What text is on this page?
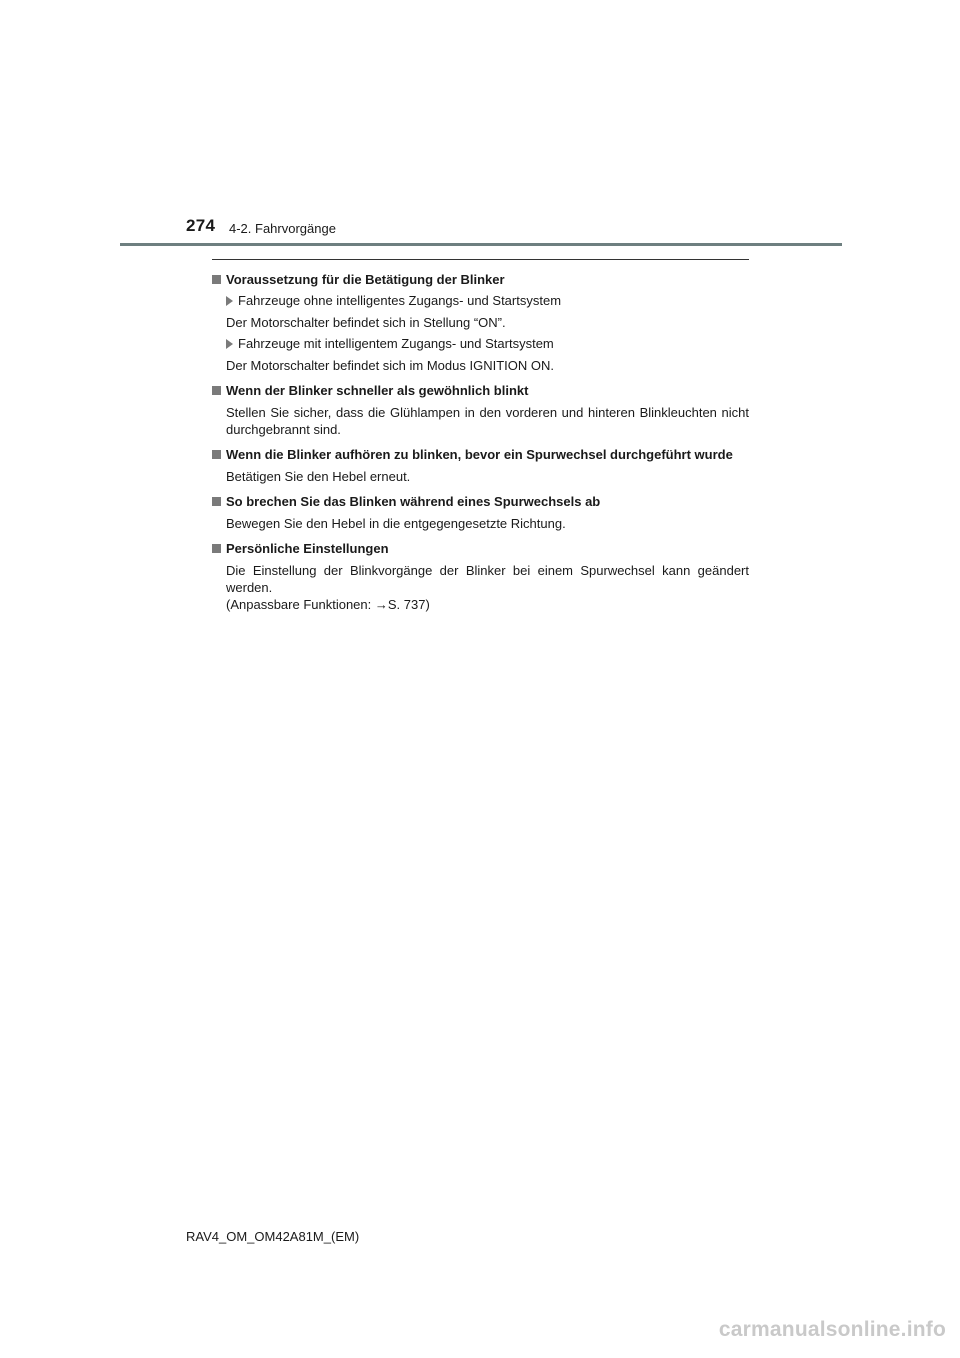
274 4-2. Fahrvorgänge
Voraussetzung für die Betätigung der Blinker
Fahrzeuge ohne intelligentes Zugangs- und Startsystem
Der Motorschalter befindet sich in Stellung “ON”.
Fahrzeuge mit intelligentem Zugangs- und Startsystem
Der Motorschalter befindet sich im Modus IGNITION ON.
Wenn der Blinker schneller als gewöhnlich blinkt
Stellen Sie sicher, dass die Glühlampen in den vorderen und hinteren Blinkleuchten nicht durchgebrannt sind.
Wenn die Blinker aufhören zu blinken, bevor ein Spurwechsel durchgeführt wurde
Betätigen Sie den Hebel erneut.
So brechen Sie das Blinken während eines Spurwechsels ab
Bewegen Sie den Hebel in die entgegengesetzte Richtung.
Persönliche Einstellungen
Die Einstellung der Blinkvorgänge der Blinker bei einem Spurwechsel kann geändert werden.
(Anpassbare Funktionen: →S. 737)
RAV4_OM_OM42A81M_(EM)
carmanualsonline.info
